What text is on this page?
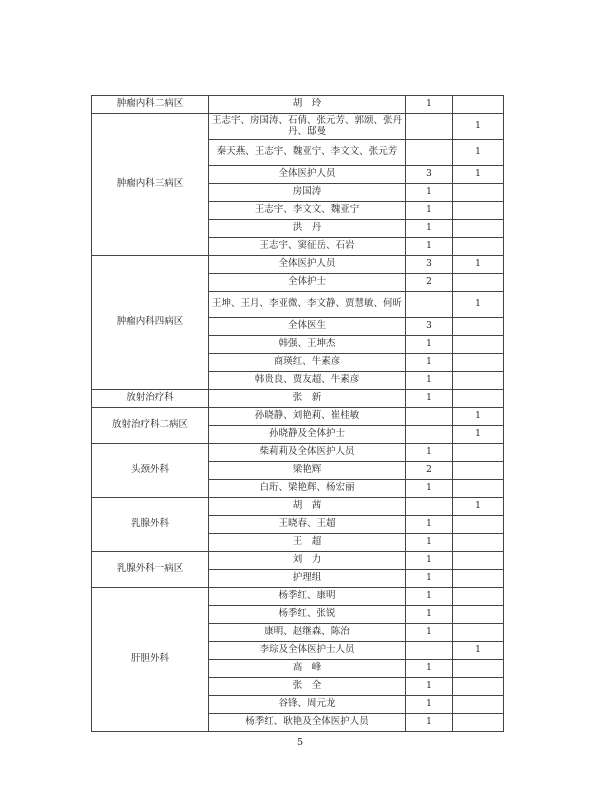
肿瘤内科二病区	胡　玲	1	
肿瘤内科三病区	王志宇、房国涛、石倩、张元芳、郭颂、张丹丹、邸曼		1
	秦天燕、王志宇、魏亚宁、李文文、张元芳		1
	全体医护人员	3	1
	房国涛	1	
	王志宇、李文文、魏亚宁	1	
	洪　丹	1	
	王志宇、窦征岳、石岩	1	
肿瘤内科四病区	全体医护人员	3	1
	全体护士	2	
	王坤、王月、李亚微、李文静、贾慧敏、何昕		1
	全体医生	3	
	韩强、王坤杰	1	
	商瑛红、牛素彦	1	
	韩贵良、贾友超、牛素彦	1	
放射治疗科	张　新	1	
放射治疗科二病区	孙晓静、刘艳莉、崔桂敏		1
	孙晓静及全体护士		1
头颈外科	柴莉莉及全体医护人员	1	
	梁艳辉	2	
	白珩、梁艳辉、杨宏丽	1	
乳腺外科	胡　茜		1
	王晓春、王超	1	
	王　超	1	
乳腺外科一病区	刘　力	1	
	护理组	1	
肝胆外科	杨季红、康明	1	
	杨季红、张锐	1	
	康明、赵继森、陈治	1	
	李琮及全体医护士人员		1
	高　峰	1	
	张　全	1	
	谷锋、周元龙	1	
	杨季红、耿艳及全体医护人员	1	
5
